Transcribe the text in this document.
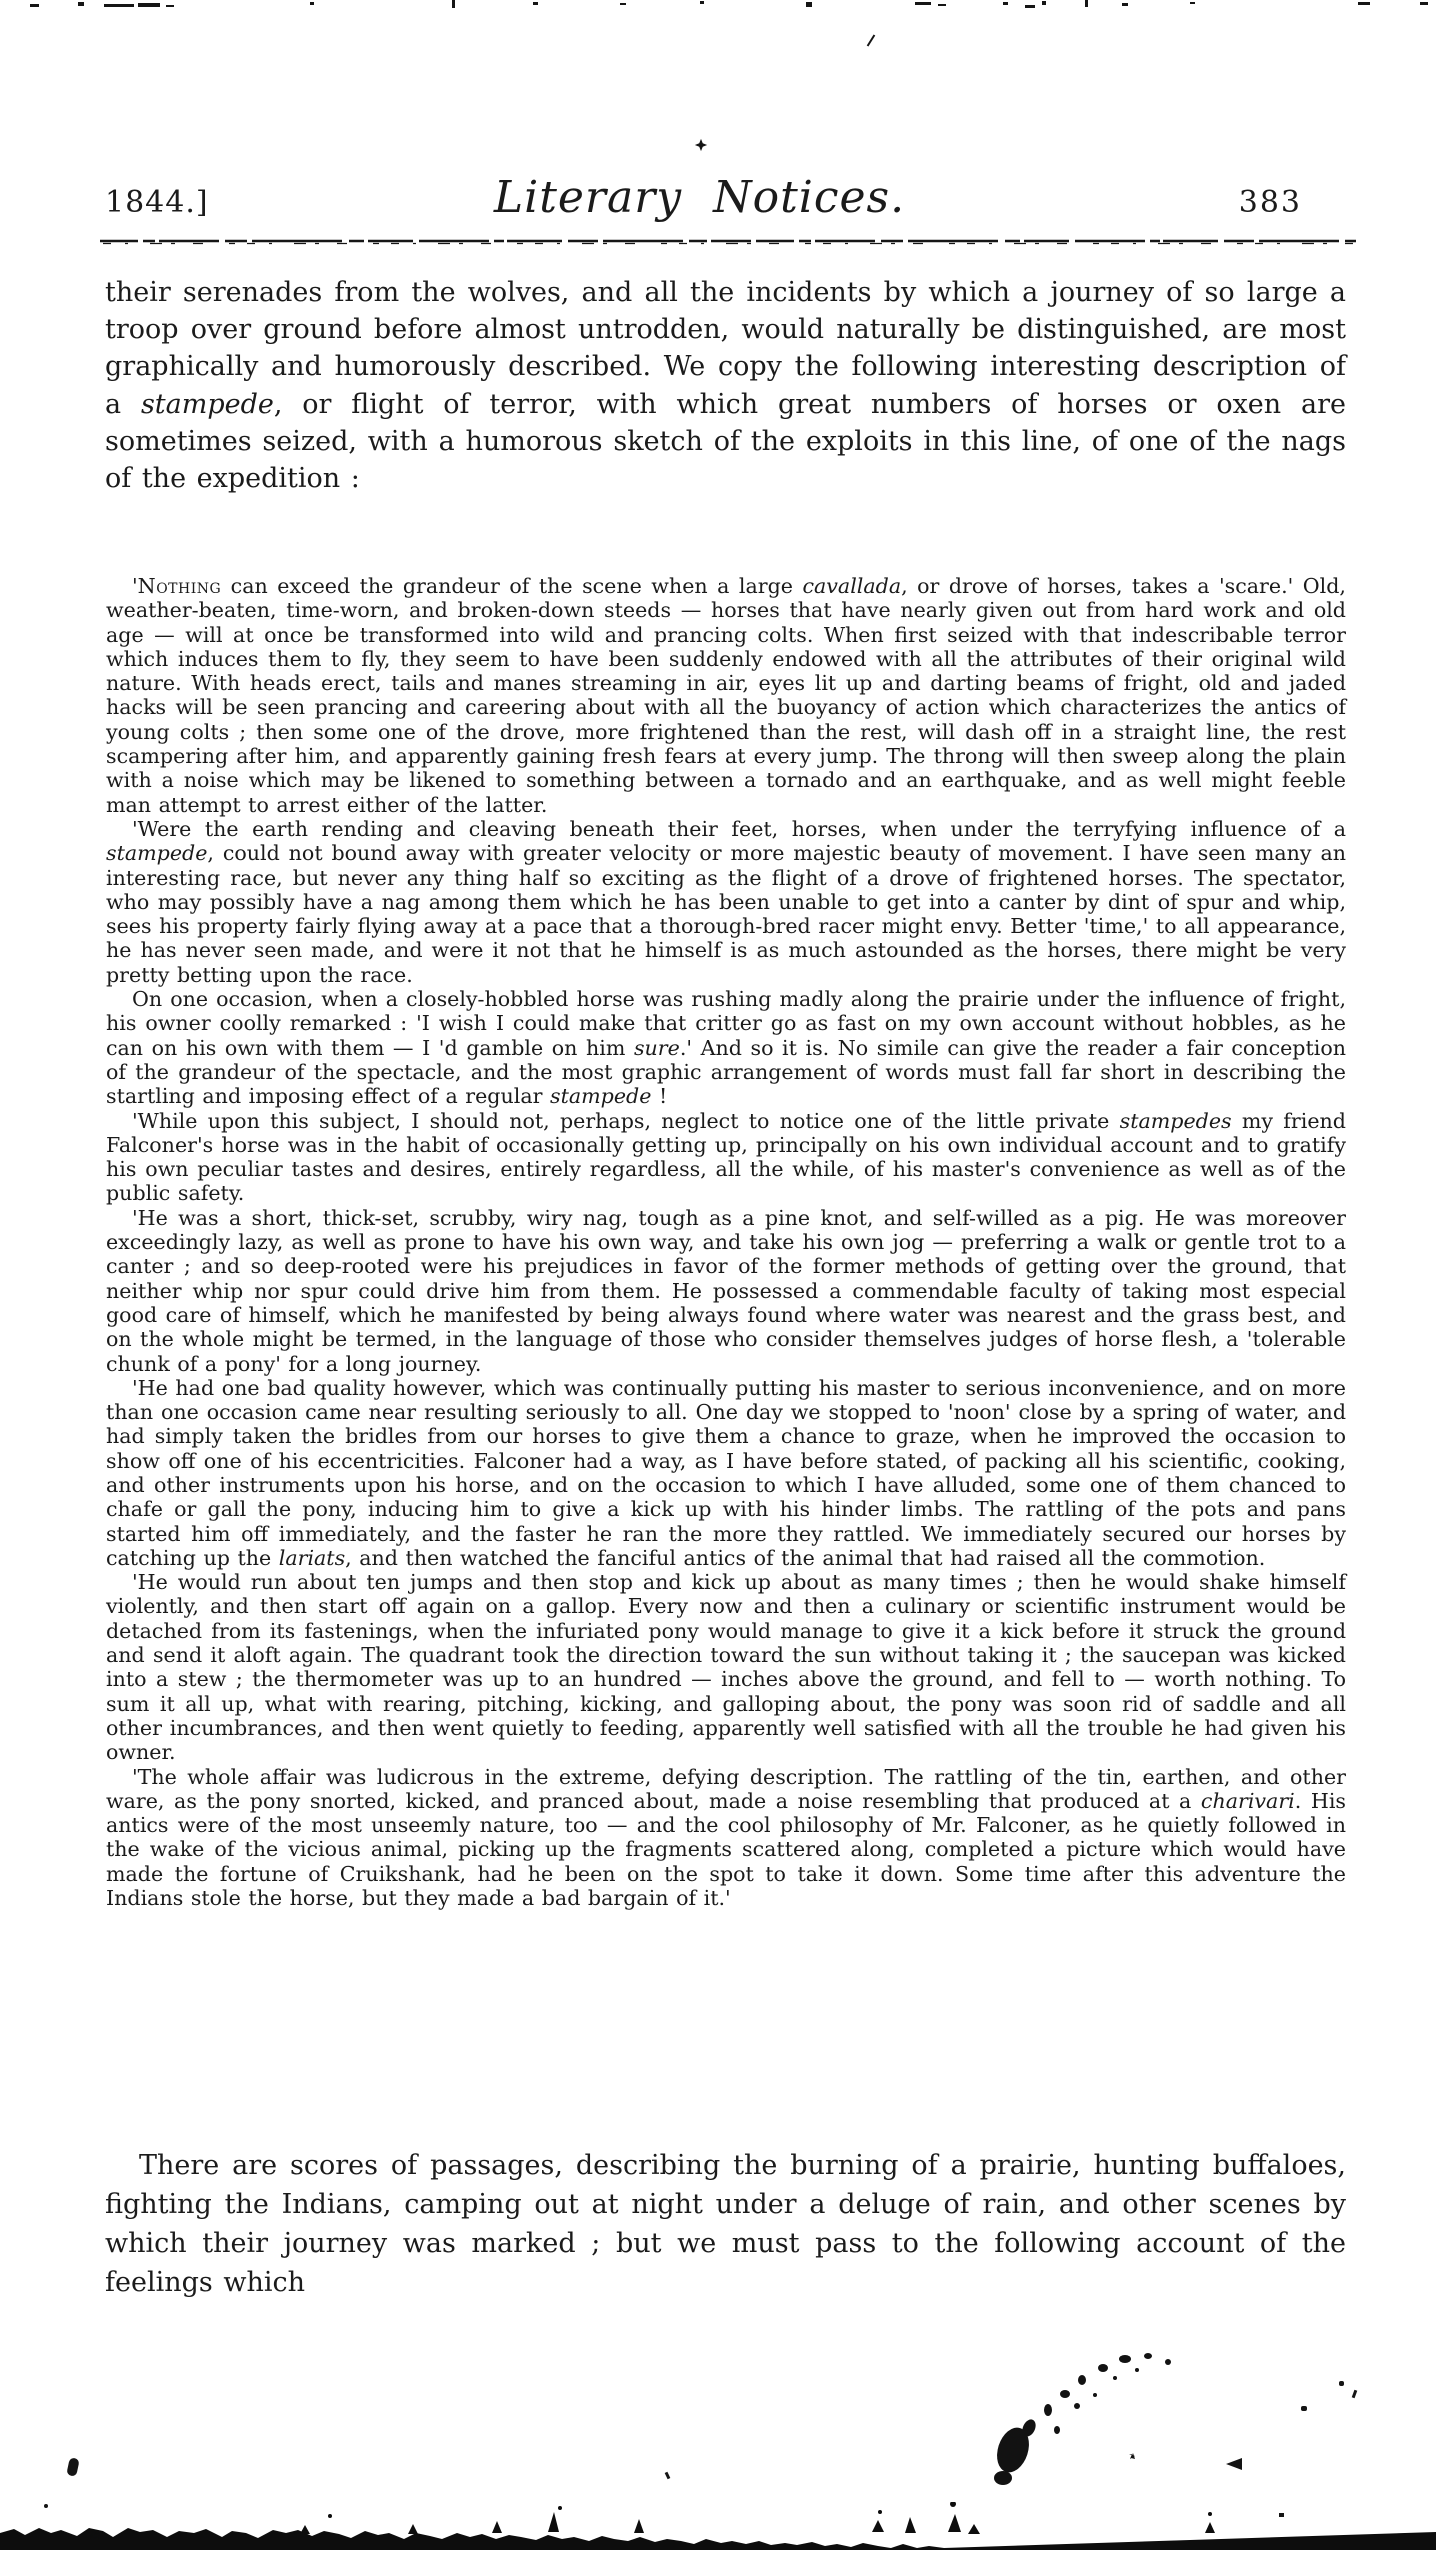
1844.]	Literary Notices.	383

their serenades from the wolves, and all the incidents by which a journey of so large a troop over ground before almost untrodden, would naturally be distinguished, are most graphically and humorously described. We copy the following interesting description of a stampede, or flight of terror, with which great numbers of horses or oxen are sometimes seized, with a humorous sketch of the exploits in this line, of one of the nags of the expedition :

'Nothing can exceed the grandeur of the scene when a large cavallada, or drove of horses, takes a 'scare.' Old, weather-beaten, time-worn, and broken-down steeds — horses that have nearly given out from hard work and old age — will at once be transformed into wild and prancing colts. When first seized with that indescribable terror which induces them to fly, they seem to have been suddenly endowed with all the attributes of their original wild nature. With heads erect, tails and manes streaming in air, eyes lit up and darting beams of fright, old and jaded hacks will be seen prancing and careering about with all the buoyancy of action which characterizes the antics of young colts ; then some one of the drove, more frightened than the rest, will dash off in a straight line, the rest scampering after him, and apparently gaining fresh fears at every jump. The throng will then sweep along the plain with a noise which may be likened to something between a tornado and an earthquake, and as well might feeble man attempt to arrest either of the latter.

'Were the earth rending and cleaving beneath their feet, horses, when under the terryfying influence of a stampede, could not bound away with greater velocity or more majestic beauty of movement. I have seen many an interesting race, but never any thing half so exciting as the flight of a drove of frightened horses. The spectator, who may possibly have a nag among them which he has been unable to get into a canter by dint of spur and whip, sees his property fairly flying away at a pace that a thorough-bred racer might envy. Better 'time,' to all appearance, he has never seen made, and were it not that he himself is as much astounded as the horses, there might be very pretty betting upon the race.

On one occasion, when a closely-hobbled horse was rushing madly along the prairie under the influence of fright, his owner coolly remarked : 'I wish I could make that critter go as fast on my own account without hobbles, as he can on his own with them — I 'd gamble on him sure.' And so it is. No simile can give the reader a fair conception of the grandeur of the spectacle, and the most graphic arrangement of words must fall far short in describing the startling and imposing effect of a regular stampede !

'While upon this subject, I should not, perhaps, neglect to notice one of the little private stampedes my friend Falconer's horse was in the habit of occasionally getting up, principally on his own individual account and to gratify his own peculiar tastes and desires, entirely regardless, all the while, of his master's convenience as well as of the public safety.

'He was a short, thick-set, scrubby, wiry nag, tough as a pine knot, and self-willed as a pig. He was moreover exceedingly lazy, as well as prone to have his own way, and take his own jog — preferring a walk or gentle trot to a canter ; and so deep-rooted were his prejudices in favor of the former methods of getting over the ground, that neither whip nor spur could drive him from them. He possessed a commendable faculty of taking most especial good care of himself, which he manifested by being always found where water was nearest and the grass best, and on the whole might be termed, in the language of those who consider themselves judges of horse flesh, a 'tolerable chunk of a pony' for a long journey.

'He had one bad quality however, which was continually putting his master to serious inconvenience, and on more than one occasion came near resulting seriously to all. One day we stopped to 'noon' close by a spring of water, and had simply taken the bridles from our horses to give them a chance to graze, when he improved the occasion to show off one of his eccentricities. Falconer had a way, as I have before stated, of packing all his scientific, cooking, and other instruments upon his horse, and on the occasion to which I have alluded, some one of them chanced to chafe or gall the pony, inducing him to give a kick up with his hinder limbs. The rattling of the pots and pans started him off immediately, and the faster he ran the more they rattled. We immediately secured our horses by catching up the lariats, and then watched the fanciful antics of the animal that had raised all the commotion.

'He would run about ten jumps and then stop and kick up about as many times ; then he would shake himself violently, and then start off again on a gallop. Every now and then a culinary or scientific instrument would be detached from its fastenings, when the infuriated pony would manage to give it a kick before it struck the ground and send it aloft again. The quadrant took the direction toward the sun without taking it ; the saucepan was kicked into a stew ; the thermometer was up to an hundred — inches above the ground, and fell to — worth nothing. To sum it all up, what with rearing, pitching, kicking, and galloping about, the pony was soon rid of saddle and all other incumbrances, and then went quietly to feeding, apparently well satisfied with all the trouble he had given his owner.

'The whole affair was ludicrous in the extreme, defying description. The rattling of the tin, earthen, and other ware, as the pony snorted, kicked, and pranced about, made a noise resembling that produced at a charivari. His antics were of the most unseemly nature, too — and the cool philosophy of Mr. Falconer, as he quietly followed in the wake of the vicious animal, picking up the fragments scattered along, completed a picture which would have made the fortune of Cruikshank, had he been on the spot to take it down. Some time after this adventure the Indians stole the horse, but they made a bad bargain of it.'

There are scores of passages, describing the burning of a prairie, hunting buffaloes, fighting the Indians, camping out at night under a deluge of rain, and other scenes by which their journey was marked ; but we must pass to the following account of the feelings which
